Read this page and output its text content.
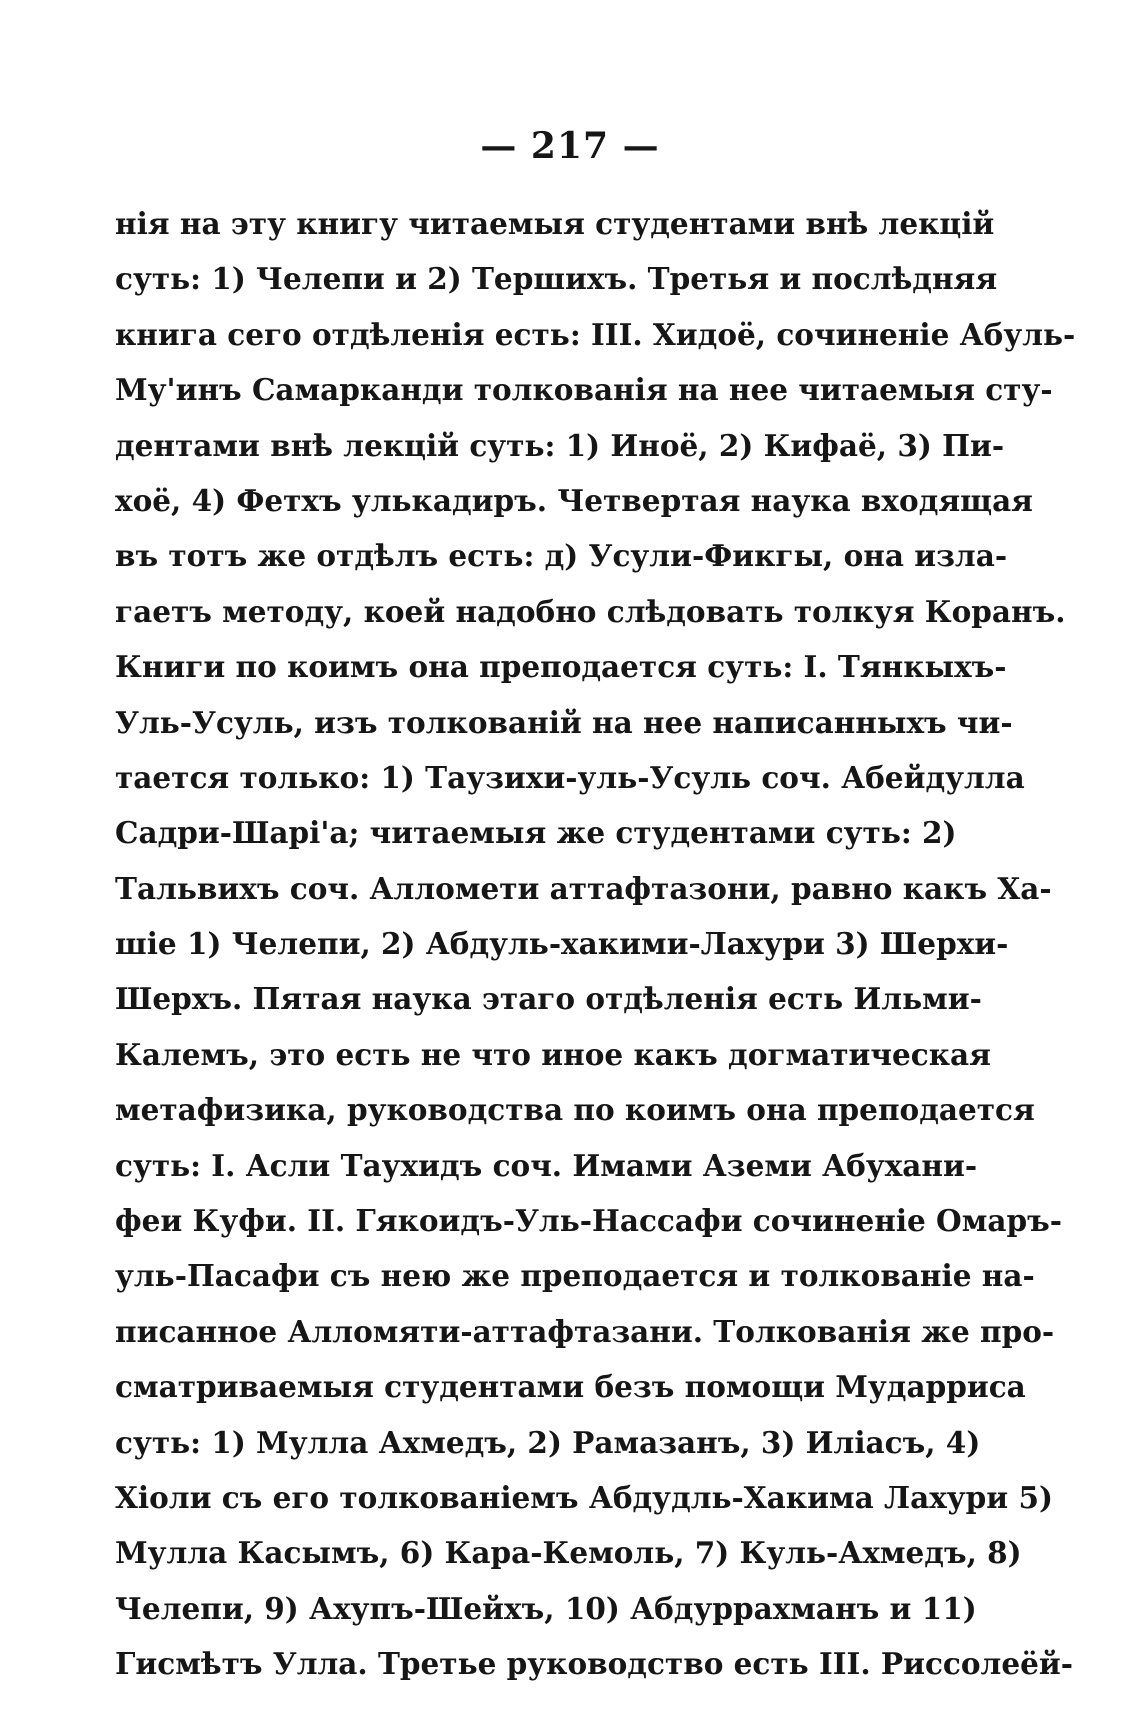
— 217 —
нія на эту книгу читаемыя студентами внѣ лекцій
суть: 1) Челепи и 2) Тершихъ. Третья и послѣдняя
книга сего отдѣленія есть: III. Хидоё, сочиненіе Абуль-
Му'инъ Самарканди толкованія на нее читаемыя сту-
дентами внѣ лекцій суть: 1) Иноё, 2) Кифаё, 3) Пи-
хоё, 4) Фетхъ улькадиръ. Четвертая наука входящая
въ тотъ же отдѣлъ есть: д) Усули-Фикгы, она изла-
гаетъ методу, коей надобно слѣдовать толкуя Коранъ.
Книги по коимъ она преподается суть: I. Тянкыхъ-
Уль-Усуль, изъ толкованій на нее написанныхъ чи-
тается только: 1) Таузихи-уль-Усуль соч. Абейдулла
Садри-Шарі'а; читаемыя же студентами суть: 2)
Тальвихъ соч. Алломети аттафтазони, равно какъ Ха-
шіе 1) Челепи, 2) Абдуль-хакими-Лахури 3) Шерхи-
Шерхъ. Пятая наука этаго отдѣленія есть Ильми-
Калемъ, это есть не что иное какъ догматическая
метафизика, руководства по коимъ она преподается
суть: I. Асли Таухидъ соч. Имами Аземи Абухани-
феи Куфи. II. Гякоидъ-Уль-Нассафи сочиненіе Омаръ-
уль-Пасафи съ нею же преподается и толкованіе на-
писанное Алломяти-аттафтазани. Толкованія же про-
сматриваемыя студентами безъ помощи Мударриса
суть: 1) Мулла Ахмедъ, 2) Рамазанъ, 3) Иліасъ, 4)
Хіоли съ его толкованіемъ Абдудль-Хакима Лахури 5)
Мулла Касымъ, 6) Кара-Кемоль, 7) Куль-Ахмедъ, 8)
Челепи, 9) Ахупъ-Шейхъ, 10) Абдуррахманъ и 11)
Гисмѣтъ Улла. Третье руководство есть III. Риссолеёй-
